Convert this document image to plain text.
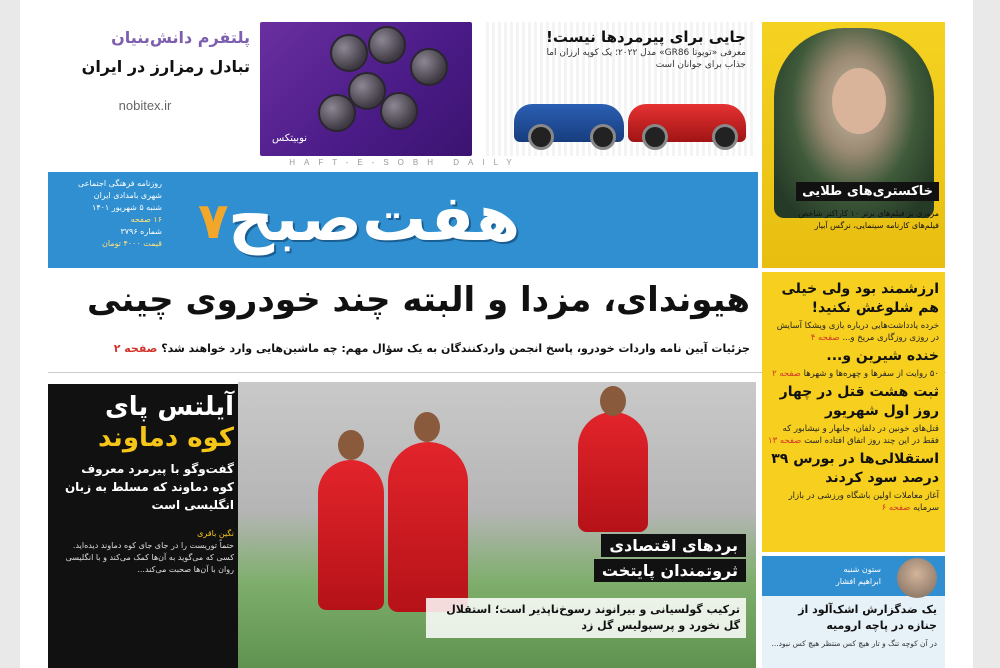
پلتفرم دانش‌بنیان
تبادل رمزارز در ایران
nobitex.ir
نوبیتکس
جایی برای پیرمردها نیست!
معرفی «تویوتا GR86» مدل ۲۰۲۲؛ یک کوپه ارزان اما
جذاب برای جوانان است
HAFT-E-SOBH DAILY
هفت‌صبح
۷
روزنامه فرهنگی اجتماعی
شهری بامدادی ایران
شنبه ۵ شهریور ۱۴۰۱
۱۶ صفحه
شماره ۳۷۹۶
قیمت ۴۰۰۰ تومان
خاکستری‌های طلایی
مروری بر فیلم‌های برتر ۱۰ کاراکتر شاخص فیلم‌های کارنامه سینمایی، نرگس آبیار
هیوندای، مزدا و البته چند خودروی چینی
جزئیات آیین نامه واردات خودرو، پاسخ انجمن واردکنندگان به یک سؤال مهم: چه ماشین‌هایی وارد خواهند شد؟ صفحه ۲
ارزشمند بود ولی خیلی هم شلوغش نکنید!
خرده یادداشت‌هایی درباره بازی ویشکا آسایش در روزی روزگاری مریخ و... صفحه ۴
خنده شیرین و...
۵۰ روایت از سفرها و چهره‌ها و شهرها صفحه ۲
ثبت هشت قتل در چهار روز اول شهریور
قتل‌های خونین در دلفان، جابهار و نیشابور که فقط در این چند روز اتفاق افتاده است صفحه ۱۳
استقلالی‌ها در بورس ۳۹ درصد سود کردند
آغاز معاملات اولین باشگاه ورزشی در بازار سرمایه صفحه ۶
ستون شنبه
ابراهیم افشار
یک ضدگزارش اشک‌آلود از جنازه در پاچه ارومیه
در آن کوچه تنگ و تار هیچ کس منتظر هیچ کس نبود...
آیلتس پای
کوه دماوند
گفت‌وگو با پیرمرد معروف کوه دماوند که مسلط به زبان انگلیسی است
نگین باقری
حتماً توریست را در جای جای کوه دماوند دیده‌اید. کسی که می‌گوید به آن‌ها کمک می‌کند و با انگلیسی روان با آن‌ها صحبت می‌کند...
بردهای اقتصادی
ثروتمندان پایتخت
ترکیب گولسیانی و بیرانوند رسوخ‌ناپذیر است؛ استقلال گل نخورد و پرسپولیس گل زد
